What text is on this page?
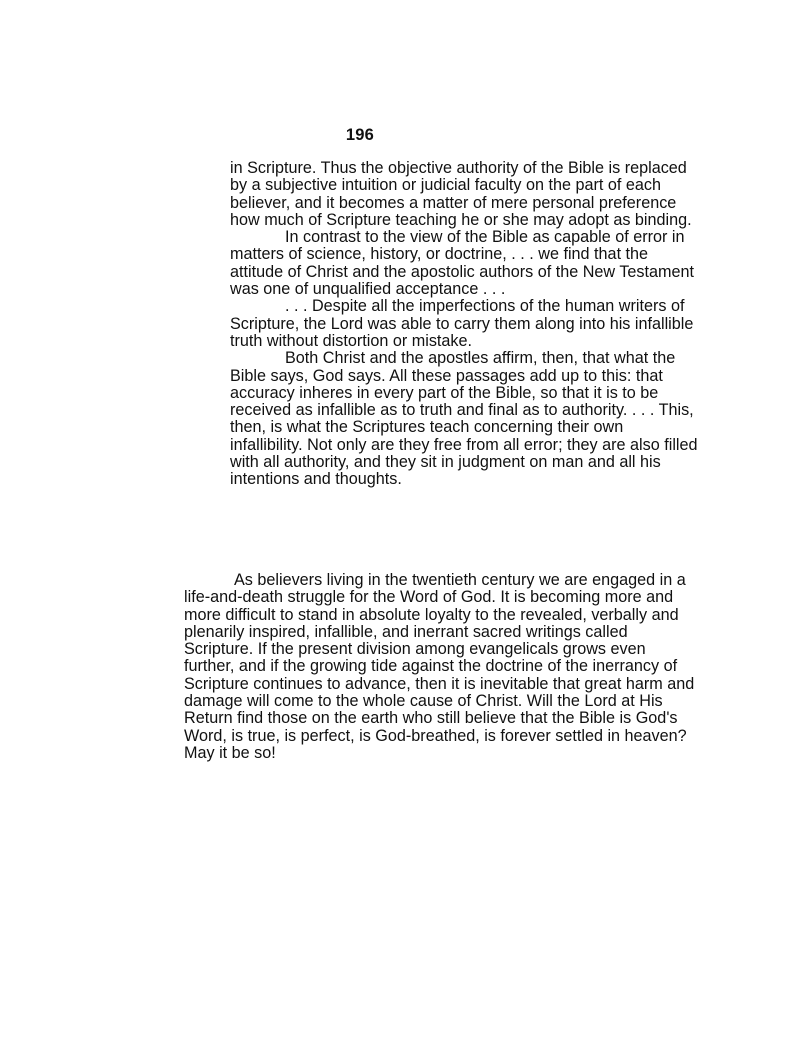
196

in Scripture. Thus the objective authority of the Bible is replaced by a subjective intuition or judicial faculty on the part of each believer, and it becomes a matter of mere personal preference how much of Scripture teaching he or she may adopt as binding.

In contrast to the view of the Bible as capable of error in matters of science, history, or doctrine, . . . we find that the attitude of Christ and the apostolic authors of the New Testament was one of unqualified acceptance . . .

. . . Despite all the imperfections of the human writers of Scripture, the Lord was able to carry them along into his infallible truth without distortion or mistake.

Both Christ and the apostles affirm, then, that what the Bible says, God says. All these passages add up to this: that accuracy inheres in every part of the Bible, so that it is to be received as infallible as to truth and final as to authority. . . . This, then, is what the Scriptures teach concerning their own infallibility. Not only are they free from all error; they are also filled with all authority, and they sit in judgment on man and all his intentions and thoughts.

As believers living in the twentieth century we are engaged in a life-and-death struggle for the Word of God. It is becoming more and more difficult to stand in absolute loyalty to the revealed, verbally and plenarily inspired, infallible, and inerrant sacred writings called Scripture. If the present division among evangelicals grows even further, and if the growing tide against the doctrine of the inerrancy of Scripture continues to advance, then it is inevitable that great harm and damage will come to the whole cause of Christ. Will the Lord at His Return find those on the earth who still believe that the Bible is God's Word, is true, is perfect, is God-breathed, is forever settled in heaven? May it be so!
